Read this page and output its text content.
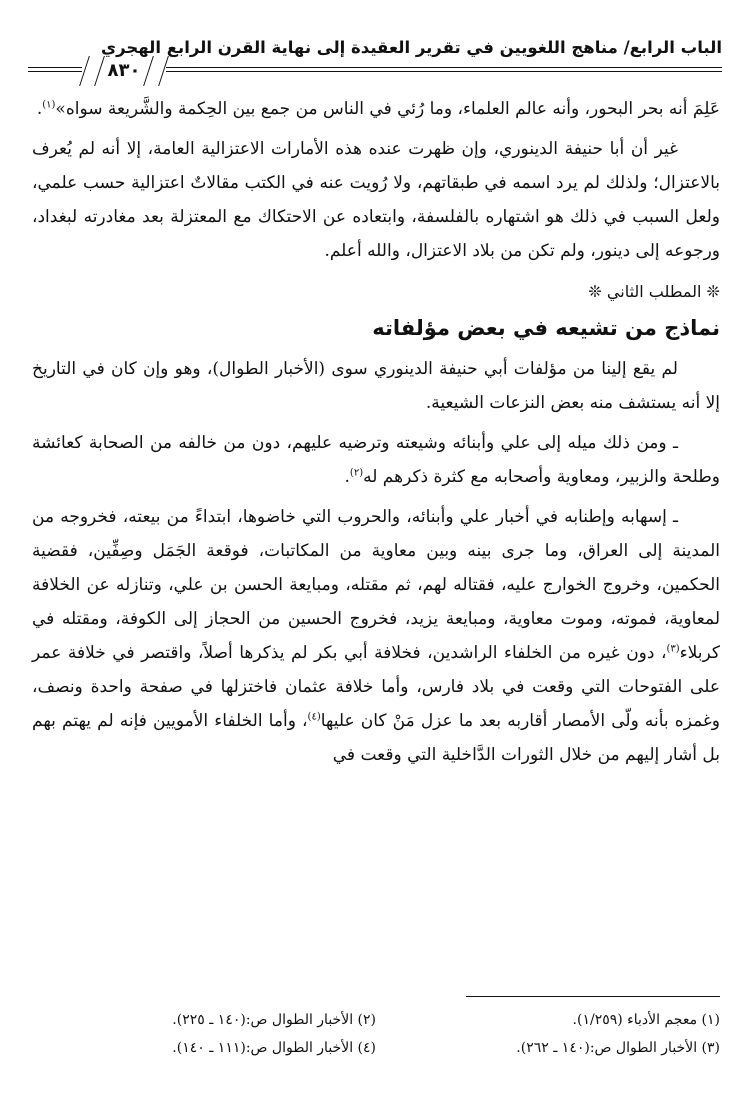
الباب الرابع/ مناهج اللغويين في تقرير العقيدة إلى نهاية القرن الرابع الهجري
٨٣٠

عَلِمَ أنه بحر البحور، وأنه عالم العلماء، وما رُئي في الناس من جمع بين الحِكمة والشَّريعة سواه»$^{(١)}$.

غير أن أبا حنيفة الدينوري، وإن ظهرت عنده هذه الأمارات الاعتزالية العامة، إلا أنه لم يُعرف بالاعتزال؛ ولذلك لم يرد اسمه في طبقاتهم، ولا رُويت عنه في الكتب مقالاتٌ اعتزالية حسب علمي، ولعل السبب في ذلك هو اشتهاره بالفلسفة، وابتعاده عن الاحتكاك مع المعتزلة بعد مغادرته لبغداد، ورجوعه إلى دينور، ولم تكن من بلاد الاعتزال، والله أعلم.

❊ المطلب الثاني ❊
نماذج من تشيعه في بعض مؤلفاته

لم يقع إلينا من مؤلفات أبي حنيفة الدينوري سوى (الأخبار الطوال)، وهو وإن كان في التاريخ إلا أنه يستشف منه بعض النزعات الشيعية.

ـ ومن ذلك ميله إلى علي وأبنائه وشيعته وترضيه عليهم، دون من خالفه من الصحابة كعائشة وطلحة والزبير، ومعاوية وأصحابه مع كثرة ذكرهم له$^{(٢)}$.

ـ إسهابه وإطنابه في أخبار علي وأبنائه، والحروب التي خاضوها، ابتداءً من بيعته، فخروجه من المدينة إلى العراق، وما جرى بينه وبين معاوية من المكاتبات، فوقعة الجَمَل وصِفِّين، فقضية الحكمين، وخروج الخوارج عليه، فقتاله لهم، ثم مقتله، ومبايعة الحسن بن علي، وتنازله عن الخلافة لمعاوية، فموته، وموت معاوية، ومبايعة يزيد، فخروج الحسين من الحجاز إلى الكوفة، ومقتله في كربلاء$^{(٣)}$، دون غيره من الخلفاء الراشدين، فخلافة أبي بكر لم يذكرها أصلاً، واقتصر في خلافة عمر على الفتوحات التي وقعت في بلاد فارس، وأما خلافة عثمان فاختزلها في صفحة واحدة ونصف، وغمزه بأنه ولّى الأمصار أقاربه بعد ما عزل مَنْ كان عليها$^{(٤)}$، وأما الخلفاء الأمويين فإنه لم يهتم بهم بل أشار إليهم من خلال الثورات الدَّاخلية التي وقعت في

(١) معجم الأدباء (١/٢٥٩).
(٢) الأخبار الطوال ص:(١٤٠ ـ ٢٢٥).
(٣) الأخبار الطوال ص:(١٤٠ ـ ٢٦٢).
(٤) الأخبار الطوال ص:(١١١ ـ ١٤٠).
